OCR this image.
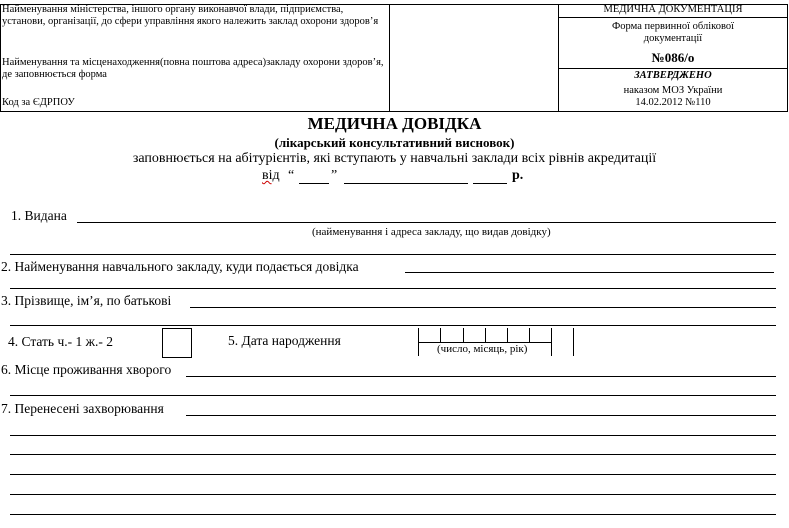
Найменування міністерства, іншого органу виконавчої влади, підприємства, установи, організації, до сфери управління якого належить заклад охорони здоров’я
Найменування та місценаходження(повна поштова адреса)закладу охорони здоров’я, де заповнюється форма
Код за ЄДРПОУ
МЕДИЧНА ДОКУМЕНТАЦІЯ
Форма первинної облікової документації
№086/о
ЗАТВЕРДЖЕНО
наказом МОЗ України
14.02.2012 №110
МЕДИЧНА ДОВІДКА
(лікарський консультативний висновок)
заповнюється на абітурієнтів, які вступають у навчальні заклади всіх рівнів акредитації
від “	”	р.
1. Видана
(найменування і адреса закладу, що видав довідку)
2. Найменування навчального закладу, куди подається довідка
3. Прізвище, ім’я, по батькові
4. Стать ч.- 1 ж.- 2	5. Дата народження
(число, місяць, рік)
6. Місце проживання хворого
7. Перенесені захворювання
